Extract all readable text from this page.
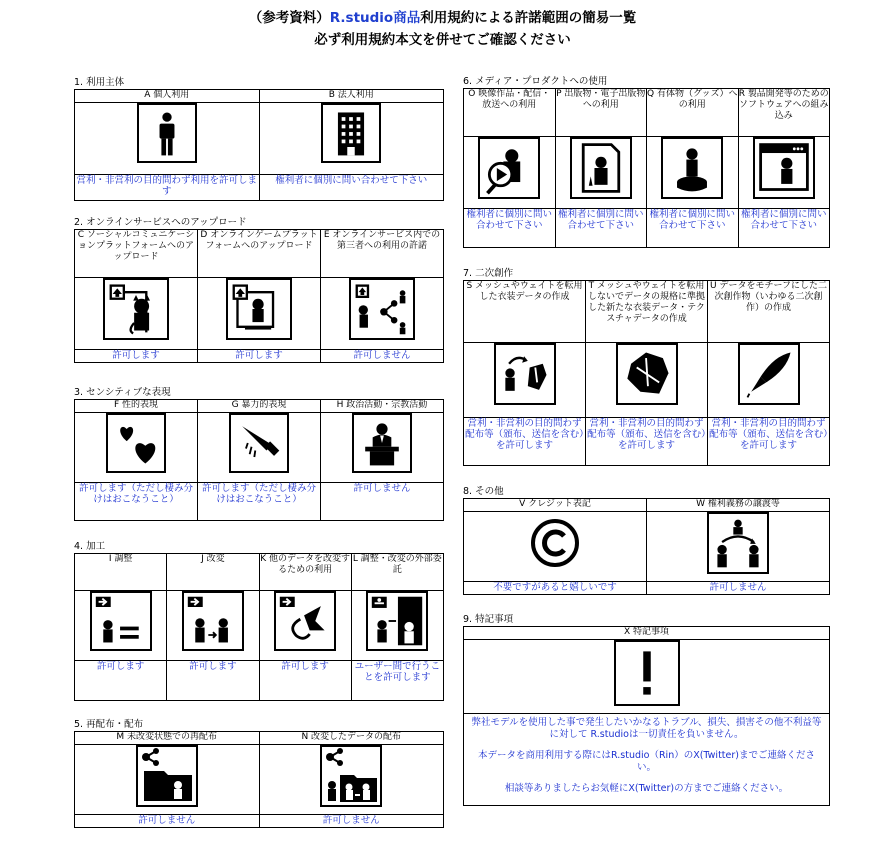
（参考資料）R.studio商品利用規約による許諾範囲の簡易一覧
必ず利用規約本文を併せてご確認ください
1. 利用主体
A 個人利用	B 法人利用

営利・非営利の目的問わず利用を許可します	権利者に個別に問い合わせて下さい
2. オンラインサービスへのアップロード
C ソーシャルコミュニケーションプラットフォームへのアップロード	D オンラインゲームプラットフォームへのアップロード	E オンラインサービス内での第三者への利用の許諾

許可します	許可します	許可しません
3. センシティブな表現
F 性的表現	G 暴力的表現	H 政治活動・宗教活動

許可します（ただし棲み分けはおこなうこと）	許可します（ただし棲み分けはおこなうこと）	許可しません
4. 加工
I 調整	J 改変	K 他のデータを改変するための利用	L 調整・改変の外部委託

許可します	許可します	許可します	ユーザー間で行うことを許可します
5. 再配布・配布
M 未改変状態での再配布	N 改変したデータの配布

許可しません	許可しません
6. メディア・プロダクトへの使用
O 映像作品・配信・放送への利用	P 出版物・電子出版物への利用	Q 有体物（グッズ）への利用	R 製品開発等のためのソフトウェアへの組み込み

権利者に個別に問い合わせて下さい	権利者に個別に問い合わせて下さい	権利者に個別に問い合わせて下さい	権利者に個別に問い合わせて下さい
7. 二次創作
S メッシュやウェイトを転用した衣装データの作成	T メッシュやウェイトを転用しないでデータの規格に準拠した新たな衣装データ・テクスチャデータの作成	U データをモチーフにした二次創作物（いわゆる二次創作）の作成

営利・非営利の目的問わず配布等（頒布、送信を含む）を許可します	営利・非営利の目的問わず配布等（頒布、送信を含む）を許可します	営利・非営利の目的問わず配布等（頒布、送信を含む）を許可します
8. その他
V クレジット表記	W 権利義務の譲渡等

不要ですがあると嬉しいです	許可しません
9. 特記事項
X 特記事項

弊社モデルを使用した事で発生したいかなるトラブル、損失、損害その他不利益等に対して R.studioは一切責任を負いません。
本データを商用利用する際にはR.studio（Rin）のX(Twitter)までご連絡ください。
相談等ありましたらお気軽にX(Twitter)の方までご連絡ください。
